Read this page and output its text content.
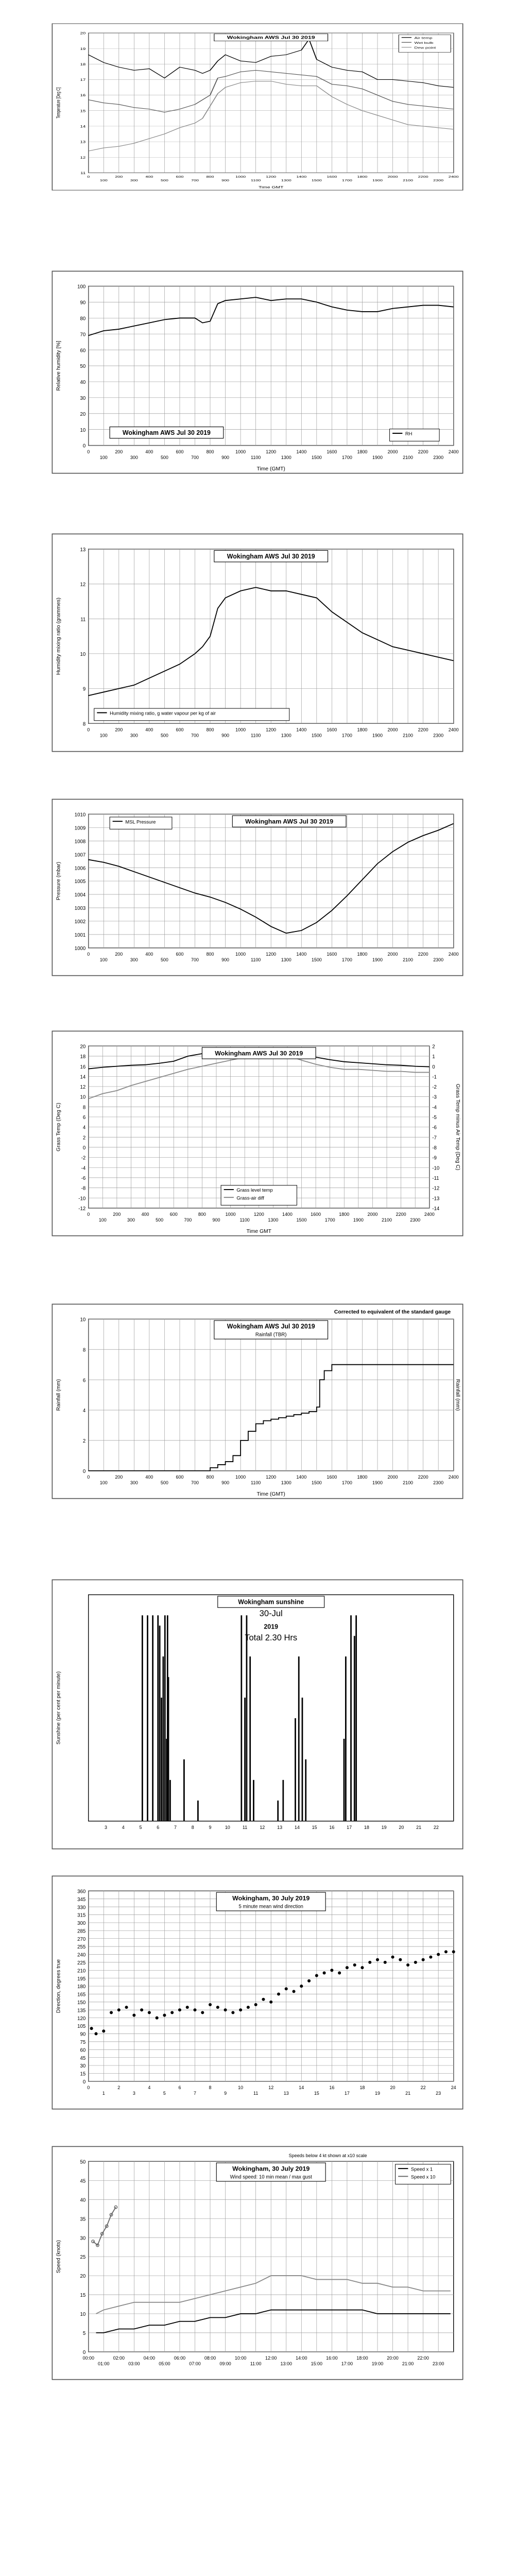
11
12
13
14
15
16
17
18
19
20
0
100
200
300
400
500
600
700
800
900
1000
1100
1200
1300
1400
1500
1600
1700
1800
1900
2000
2100
2200
2300
2400
Time GMT
Temperature [Deg C]
Wokingham AWS Jul 30 2019	Air temp
Wet bulb
Dew point
0
10
20
30
40
50
60
70
80
90
100
0
100
200
300
400
500
600
700
800
900
1000
1100
1200
1300
1400
1500
1600
1700
1800
1900
2000
2100
2200
2300
2400
Time (GMT)
Relative humidity [%]
Wokingham AWS Jul 30 2019	RH
8
9
10
11
12
13
0
100
200
300
400
500
600
700
800
900
1000
1100
1200
1300
1400
1500
1600
1700
1800
1900
2000
2100
2200
2300
2400
Humidity mixing ratio (grammes)
Wokingham AWS Jul 30 2019
Humidity mixing ratio, g water vapour per kg of air
1000
1001
1002
1003
1004
1005
1006
1007
1008
1009
1010
0
100
200
300
400
500
600
700
800
900
1000
1100
1200
1300
1400
1500
1600
1700
1800
1900
2000
2100
2200
2300
2400
Pressure (mbar)
Wokingham AWS Jul 30 2019
MSL Pressure
-12
-10
-8
-6
-4
-2
0
2
4
6
8
10
12
14
16
18
20
-14
-13
-12
-11
-10
-9
-8
-7
-6
-5
-4
-3
-2
-1
0
1
2
0
100
200
300
400
500
600
700
800
900
1000
1100
1200
1300
1400
1500
1600
1700
1800
1900
2000
2100
2200
2300
2400
Time GMT
Grass Temp (Deg C)	Grass Temp minus Air Temp (Deg C)
Wokingham AWS Jul 30 2019
Grass level temp
Grass-air diff
0
2
4
6
8
10
0
100
200
300
400
500
600
700
800
900
1000
1100
1200
1300
1400
1500
1600
1700
1800
1900
2000
2100
2200
2300
2400
Time (GMT)
Rainfall (mm)	Rainfall (mm)
Wokingham AWS Jul 30 2019
Rainfall (TBR)
Corrected to equivalent of the standard gauge
3	4	5	6	7	8	9	10	11	12	13	14	15	16	17	18	19	20	21	22
Sunshine (per cent per minute)
Wokingham sunshine
30-Jul
2019
Total 2.30 Hrs
0
15
30
45
60
75
90
105
120
135
150
165
180
195
210
225
240
255
270
285
300
315
330
345
360
0
1
2
3
4
5
6
7
8
9
10
11
12
13
14
15
16
17
18
19
20
21
22
23
24
Direction, degrees true
Wokingham, 30 July 2019
5 minute mean wind direction
0
5
10
15
20
25
30
35
40
45
50
00:00
01:00
02:00
03:00
04:00
05:00
06:00
07:00
08:00
09:00
10:00
11:00
12:00
13:00
14:00
15:00
16:00
17:00
18:00
19:00
20:00
21:00
22:00
23:00
Speed (knots)
Wokingham, 30 July 2019
Wind speed: 10 min mean / max gust
Speeds below 4 kt shown at x10 scale
Speed x 1
Speed x 10
